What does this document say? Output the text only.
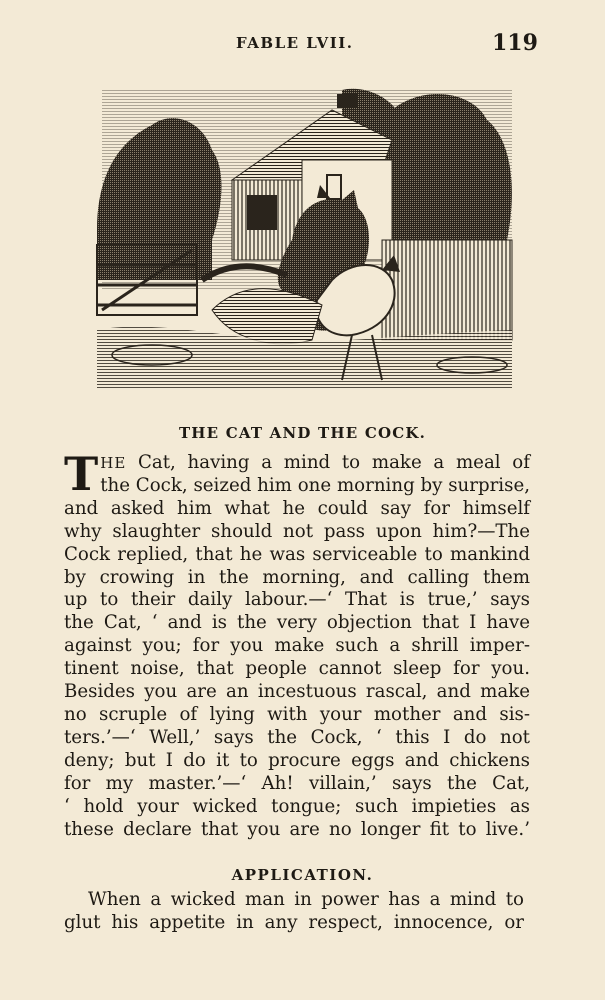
FABLE LVII.	119
THE CAT AND THE COCK.
THE Cat, having a mind to make a meal of
the Cock, seized him one morning by surprise,
and asked him what he could say for himself
why slaughter should not pass upon him?—The
Cock replied, that he was serviceable to mankind
by crowing in the morning, and calling them
up to their daily labour.—‘ That is true,’ says
the Cat, ‘ and is the very objection that I have
against you; for you make such a shrill imper-
tinent noise, that people cannot sleep for you.
Besides you are an incestuous rascal, and make
no scruple of lying with your mother and sis-
ters.’—‘ Well,’ says the Cock, ‘ this I do not
deny; but I do it to procure eggs and chickens
for my master.’—‘ Ah! villain,’ says the Cat,
‘ hold your wicked tongue; such impieties as
these declare that you are no longer fit to live.’
APPLICATION.
When a wicked man in power has a mind to
glut his appetite in any respect, innocence, or
